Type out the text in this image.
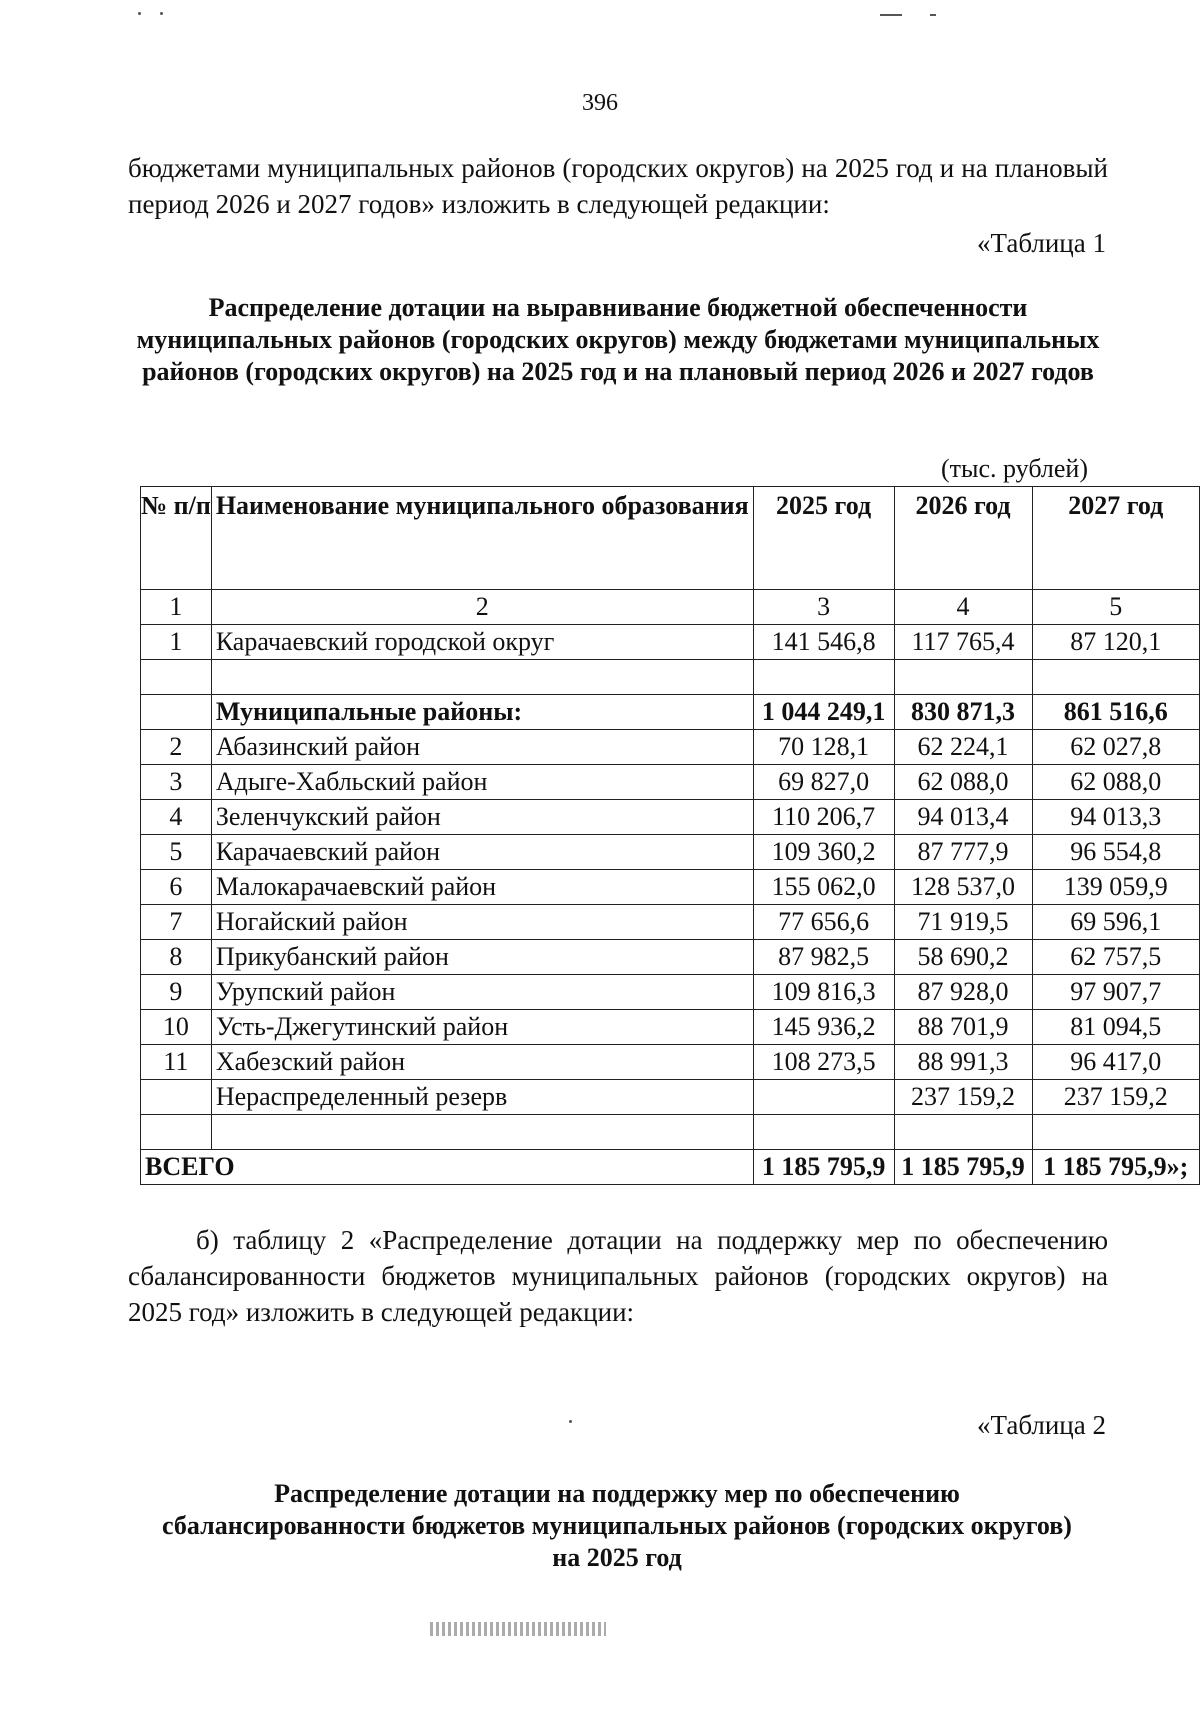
396
бюджетами муниципальных районов (городских округов) на 2025 год и на плановый период 2026 и 2027 годов» изложить в следующей редакции:
«Таблица 1
Распределение дотации на выравнивание бюджетной обеспеченности муниципальных районов (городских округов) между бюджетами муниципальных районов (городских округов) на 2025 год и на плановый период 2026 и 2027 годов
(тыс. рублей)
№ п/п	Наименование муниципального образования	2025 год	2026 год	2027 год
1	2	3	4	5
1	Карачаевский городской округ	141 546,8	117 765,4	87 120,1

	Муниципальные районы:	1 044 249,1	830 871,3	861 516,6
2	Абазинский район	70 128,1	62 224,1	62 027,8
3	Адыге-Хабльский район	69 827,0	62 088,0	62 088,0
4	Зеленчукский район	110 206,7	94 013,4	94 013,3
5	Карачаевский район	109 360,2	87 777,9	96 554,8
6	Малокарачаевский район	155 062,0	128 537,0	139 059,9
7	Ногайский район	77 656,6	71 919,5	69 596,1
8	Прикубанский район	87 982,5	58 690,2	62 757,5
9	Урупский район	109 816,3	87 928,0	97 907,7
10	Усть-Джегутинский район	145 936,2	88 701,9	81 094,5
11	Хабезский район	108 273,5	88 991,3	96 417,0
	Нераспределенный резерв		237 159,2	237 159,2

ВСЕГО		1 185 795,9	1 185 795,9	1 185 795,9»;
б) таблицу 2 «Распределение дотации на поддержку мер по обеспечению сбалансированности бюджетов муниципальных районов (городских округов) на 2025 год» изложить в следующей редакции:
«Таблица 2
Распределение дотации на поддержку мер по обеспечению сбалансированности бюджетов муниципальных районов (городских округов) на 2025 год
